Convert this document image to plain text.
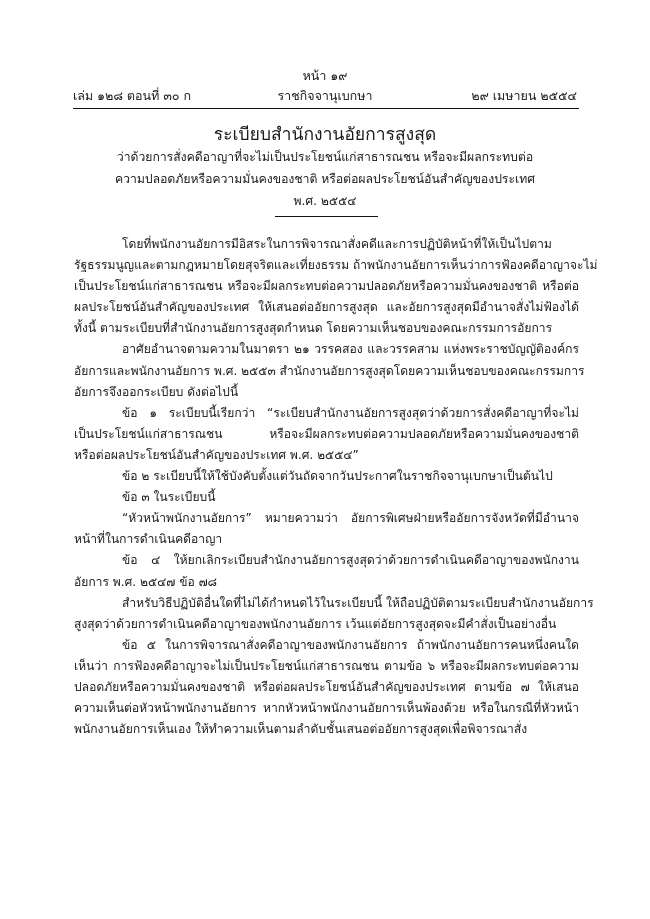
หน้า ๑๙
ราชกิจจานุเบกษา
เล่ม ๑๒๘ ตอนที่ ๓๐ ก	๒๙ เมษายน ๒๕๕๔
ระเบียบสำนักงานอัยการสูงสุด
ว่าด้วยการสั่งคดีอาญาที่จะไม่เป็นประโยชน์แก่สาธารณชน หรือจะมีผลกระทบต่อ
ความปลอดภัยหรือความมั่นคงของชาติ หรือต่อผลประโยชน์อันสำคัญของประเทศ
พ.ศ. ๒๕๕๔
โดยที่พนักงานอัยการมีอิสระในการพิจารณาสั่งคดีและการปฏิบัติหน้าที่ให้เป็นไปตาม
รัฐธรรมนูญและตามกฎหมายโดยสุจริตและเที่ยงธรรม ถ้าพนักงานอัยการเห็นว่าการฟ้องคดีอาญาจะไม่
เป็นประโยชน์แก่สาธารณชน หรือจะมีผลกระทบต่อความปลอดภัยหรือความมั่นคงของชาติ หรือต่อ
ผลประโยชน์อันสำคัญของประเทศ ให้เสนอต่ออัยการสูงสุด และอัยการสูงสุดมีอำนาจสั่งไม่ฟ้องได้
ทั้งนี้ ตามระเบียบที่สำนักงานอัยการสูงสุดกำหนด โดยความเห็นชอบของคณะกรรมการอัยการ
อาศัยอำนาจตามความในมาตรา ๒๑ วรรคสอง และวรรคสาม แห่งพระราชบัญญัติองค์กร
อัยการและพนักงานอัยการ พ.ศ. ๒๕๕๓ สำนักงานอัยการสูงสุดโดยความเห็นชอบของคณะกรรมการ
อัยการจึงออกระเบียบ ดังต่อไปนี้
ข้อ ๑ ระเบียบนี้เรียกว่า “ระเบียบสำนักงานอัยการสูงสุดว่าด้วยการสั่งคดีอาญาที่จะไม่
เป็นประโยชน์แก่สาธารณชน หรือจะมีผลกระทบต่อความปลอดภัยหรือความมั่นคงของชาติ
หรือต่อผลประโยชน์อันสำคัญของประเทศ พ.ศ. ๒๕๕๔”
ข้อ ๒ ระเบียบนี้ให้ใช้บังคับตั้งแต่วันถัดจากวันประกาศในราชกิจจานุเบกษาเป็นต้นไป
ข้อ ๓ ในระเบียบนี้
“หัวหน้าพนักงานอัยการ” หมายความว่า อัยการพิเศษฝ่ายหรืออัยการจังหวัดที่มีอำนาจ
หน้าที่ในการดำเนินคดีอาญา
ข้อ ๔ ให้ยกเลิกระเบียบสำนักงานอัยการสูงสุดว่าด้วยการดำเนินคดีอาญาของพนักงาน
อัยการ พ.ศ. ๒๕๔๗ ข้อ ๗๘
สำหรับวิธีปฏิบัติอื่นใดที่ไม่ได้กำหนดไว้ในระเบียบนี้ ให้ถือปฏิบัติตามระเบียบสำนักงานอัยการ
สูงสุดว่าด้วยการดำเนินคดีอาญาของพนักงานอัยการ เว้นแต่อัยการสูงสุดจะมีคำสั่งเป็นอย่างอื่น
ข้อ ๕ ในการพิจารณาสั่งคดีอาญาของพนักงานอัยการ ถ้าพนักงานอัยการคนหนึ่งคนใด
เห็นว่า การฟ้องคดีอาญาจะไม่เป็นประโยชน์แก่สาธารณชน ตามข้อ ๖ หรือจะมีผลกระทบต่อความ
ปลอดภัยหรือความมั่นคงของชาติ หรือต่อผลประโยชน์อันสำคัญของประเทศ ตามข้อ ๗ ให้เสนอ
ความเห็นต่อหัวหน้าพนักงานอัยการ หากหัวหน้าพนักงานอัยการเห็นพ้องด้วย หรือในกรณีที่หัวหน้า
พนักงานอัยการเห็นเอง ให้ทำความเห็นตามลำดับชั้นเสนอต่ออัยการสูงสุดเพื่อพิจารณาสั่ง
